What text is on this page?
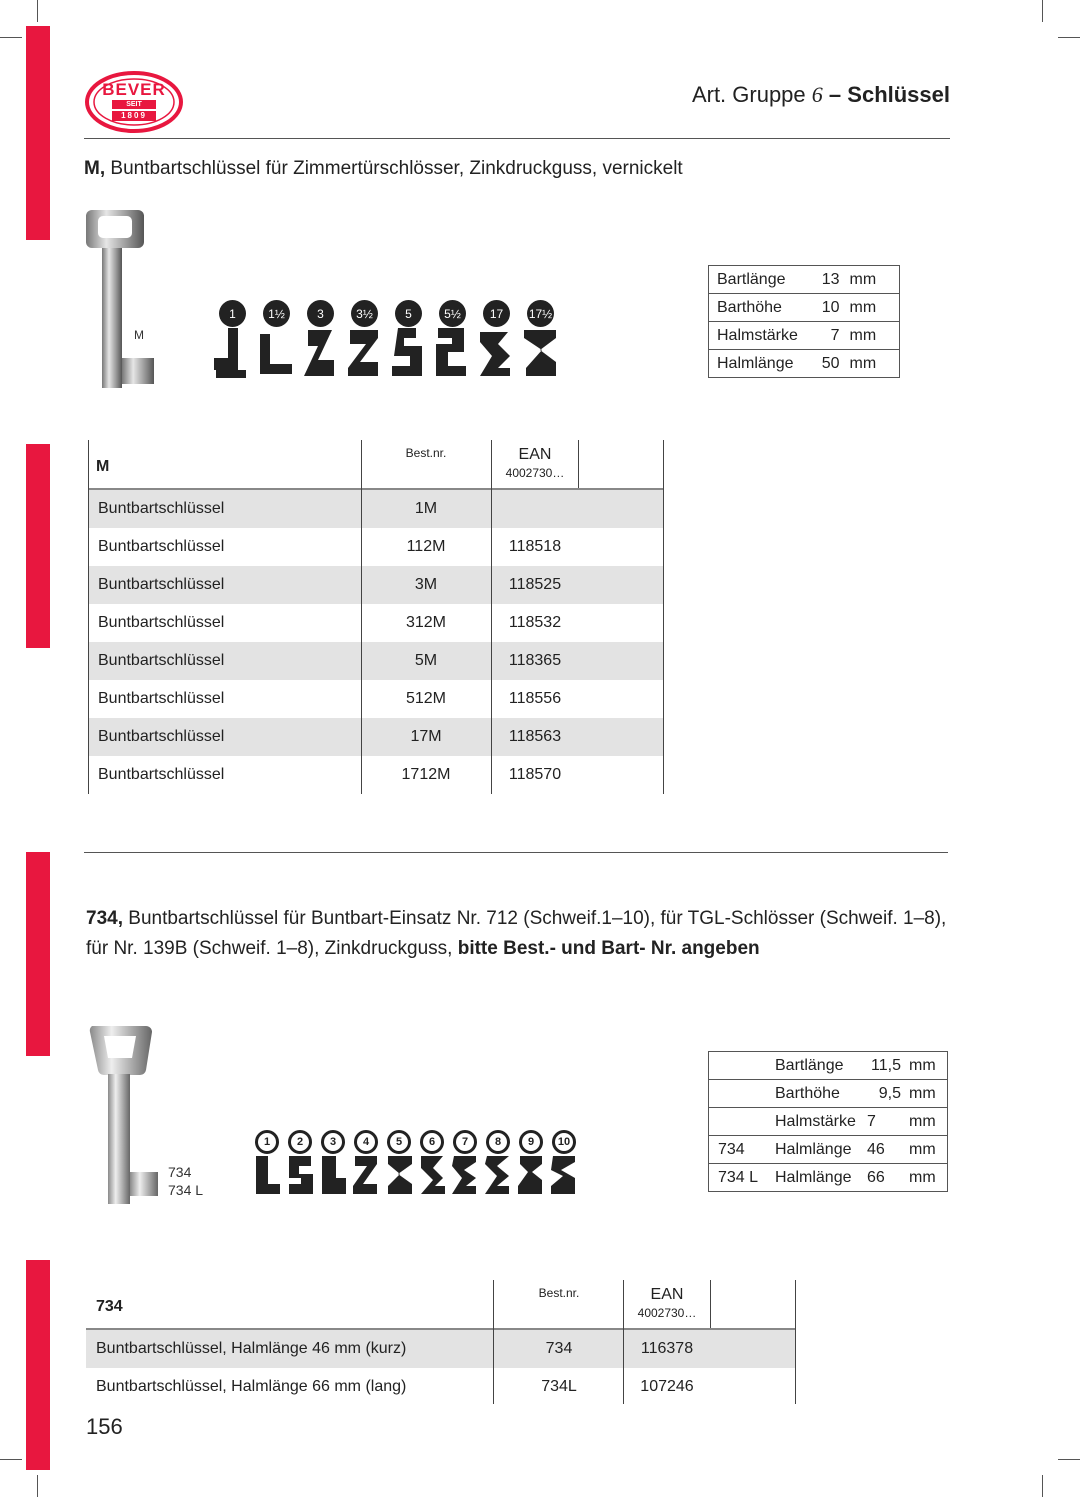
BEVER
SEIT
1809
Art. Gruppe 6 – Schlüssel
M, Buntbartschlüssel für Zimmertürschlösser, Zinkdruckguss, vernickelt
M
1	1½	3	3½	5	5½	17	17½
Bartlänge 13 mm

Barthöhe 10 mm

Halmstärke	7 mm

Halmlänge 50 mm
M
Best.nr.	EAN
4002730…
Buntbartschlüssel	1M
Buntbartschlüssel	112M	118518
Buntbartschlüssel	3M	118525
Buntbartschlüssel	312M	118532
Buntbartschlüssel	5M	118365
Buntbartschlüssel	512M	118556
Buntbartschlüssel	17M	118563
Buntbartschlüssel	1712M	118570
734, Buntbartschlüssel für Buntbart-Einsatz Nr. 712 (Schweif.1–10), für TGL-Schlösser (Schweif. 1–8),
für Nr. 139B (Schweif. 1–8), Zinkdruckguss, bitte Best.- und Bart- Nr. angeben
734
734 L
1	2	3	4	5	6	7	8	9	10
Bartlänge	11,5 mm

Barthöhe	9,5 mm

Halmstärke 7	mm

734 Halmlänge 46 mm

734 L Halmlänge 66 mm
734
Best.nr.	EAN
4002730…
Buntbartschlüssel, Halmlänge 46 mm (kurz)	734	116378
Buntbartschlüssel, Halmlänge 66 mm (lang)	734L	107246
156
